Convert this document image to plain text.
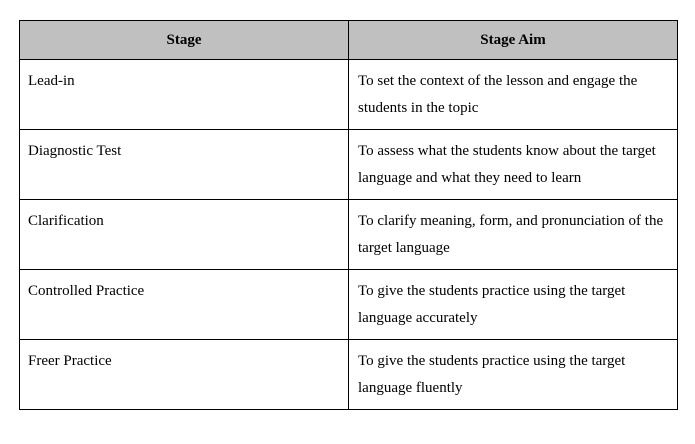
Stage	Stage Aim
Lead-in	To set the context of the lesson and engage the students in the topic
Diagnostic Test	To assess what the students know about the target language and what they need to learn
Clarification	To clarify meaning, form, and pronunciation of the target language
Controlled Practice	To give the students practice using the target language accurately
Freer Practice	To give the students practice using the target language fluently
